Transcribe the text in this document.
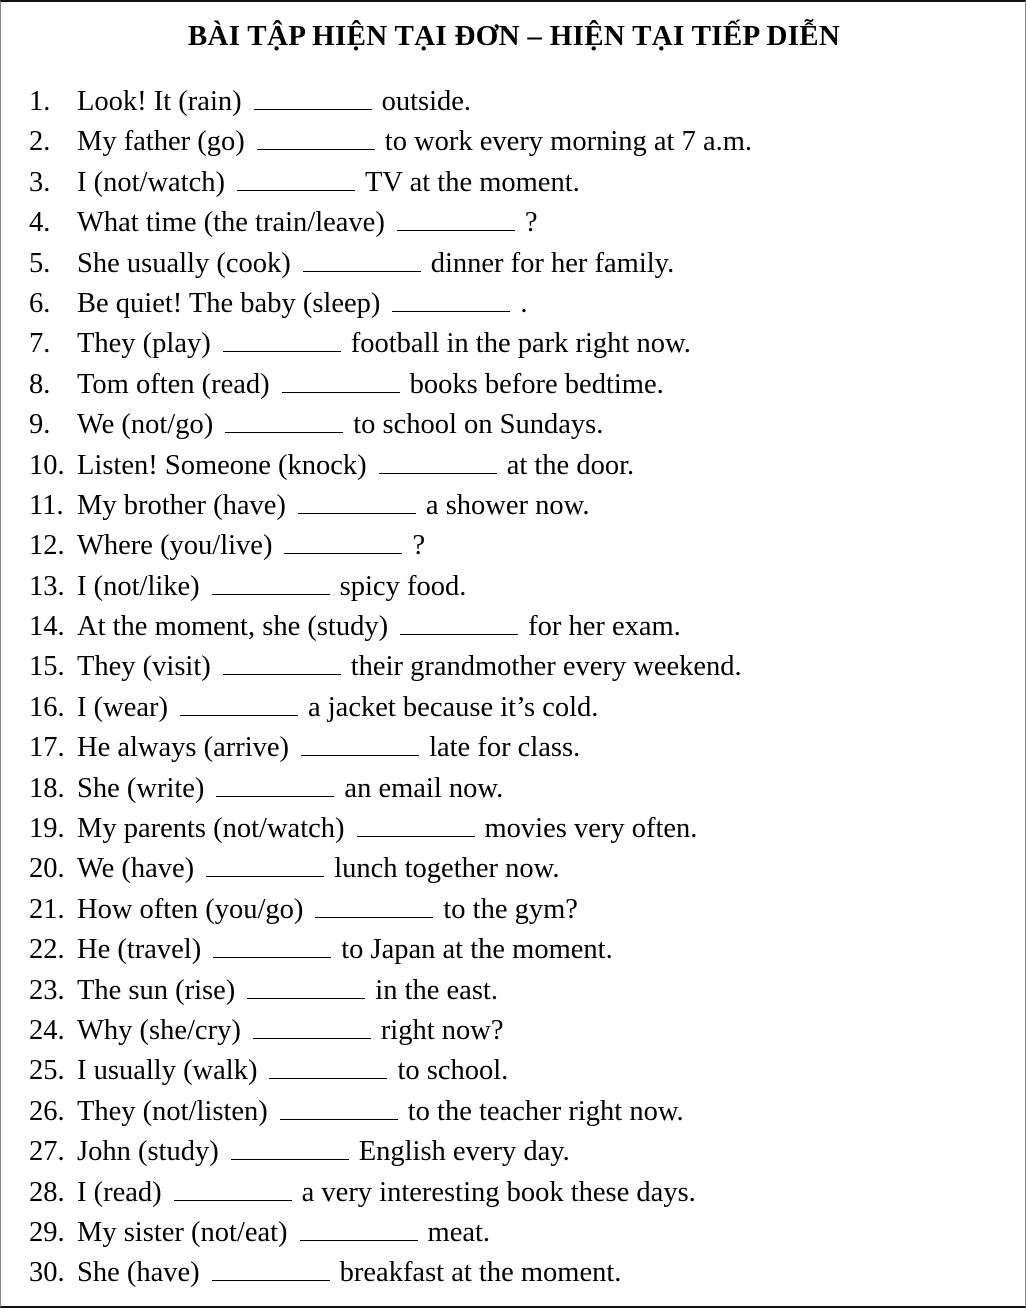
BÀI TẬP HIỆN TẠI ĐƠN – HIỆN TẠI TIẾP DIỄN
1. Look! It (rain)	outside.
2. My father (go)	to work every morning at 7 a.m.
3. I (not/watch)	TV at the moment.
4. What time (the train/leave)	?
5. She usually (cook)	dinner for her family.
6. Be quiet! The baby (sleep)	.
7. They (play)	football in the park right now.
8. Tom often (read)	books before bedtime.
9. We (not/go)	to school on Sundays.
10. Listen! Someone (knock)	at the door.
11. My brother (have)	a shower now.
12. Where (you/live)	?
13. I (not/like)	spicy food.
14. At the moment, she (study)	for her exam.
15. They (visit)	their grandmother every weekend.
16. I (wear)	a jacket because it’s cold.
17. He always (arrive)	late for class.
18. She (write)	an email now.
19. My parents (not/watch)	movies very often.
20. We (have)	lunch together now.
21. How often (you/go)	to the gym?
22. He (travel)	to Japan at the moment.
23. The sun (rise)	in the east.
24. Why (she/cry)	right now?
25. I usually (walk)	to school.
26. They (not/listen)	to the teacher right now.
27. John (study)	English every day.
28. I (read)	a very interesting book these days.
29. My sister (not/eat)	meat.
30. She (have)	breakfast at the moment.
